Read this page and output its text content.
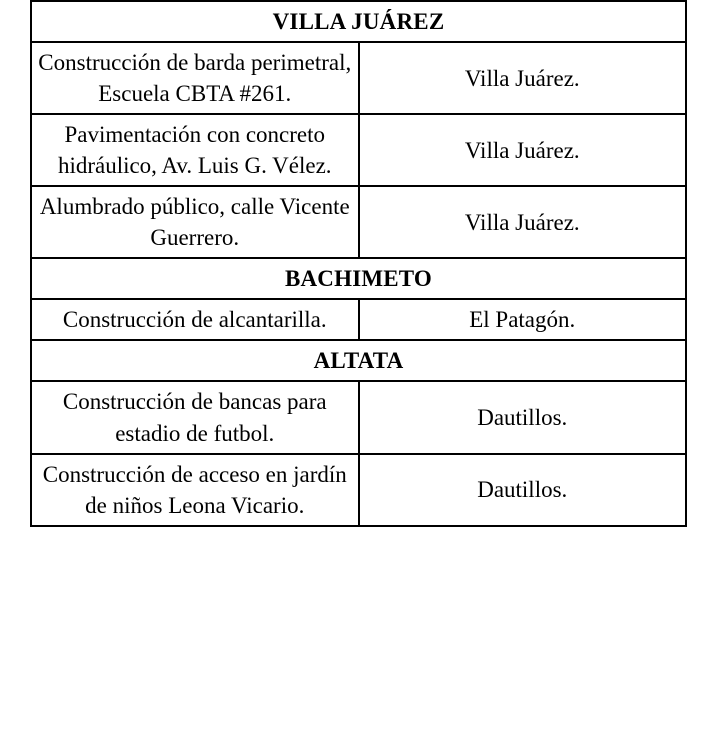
VILLA JUÁREZ	
Construcción de barda perimetral, Escuela CBTA #261.	Villa Juárez.
Pavimentación con concreto hidráulico, Av. Luis G. Vélez.	Villa Juárez.
Alumbrado público, calle Vicente Guerrero.	Villa Juárez.
BACHIMETO	
Construcción de alcantarilla.	El Patagón.
ALTATA	
Construcción de bancas para estadio de futbol.	Dautillos.
Construcción de acceso en jardín de niños Leona Vicario.	Dautillos.
